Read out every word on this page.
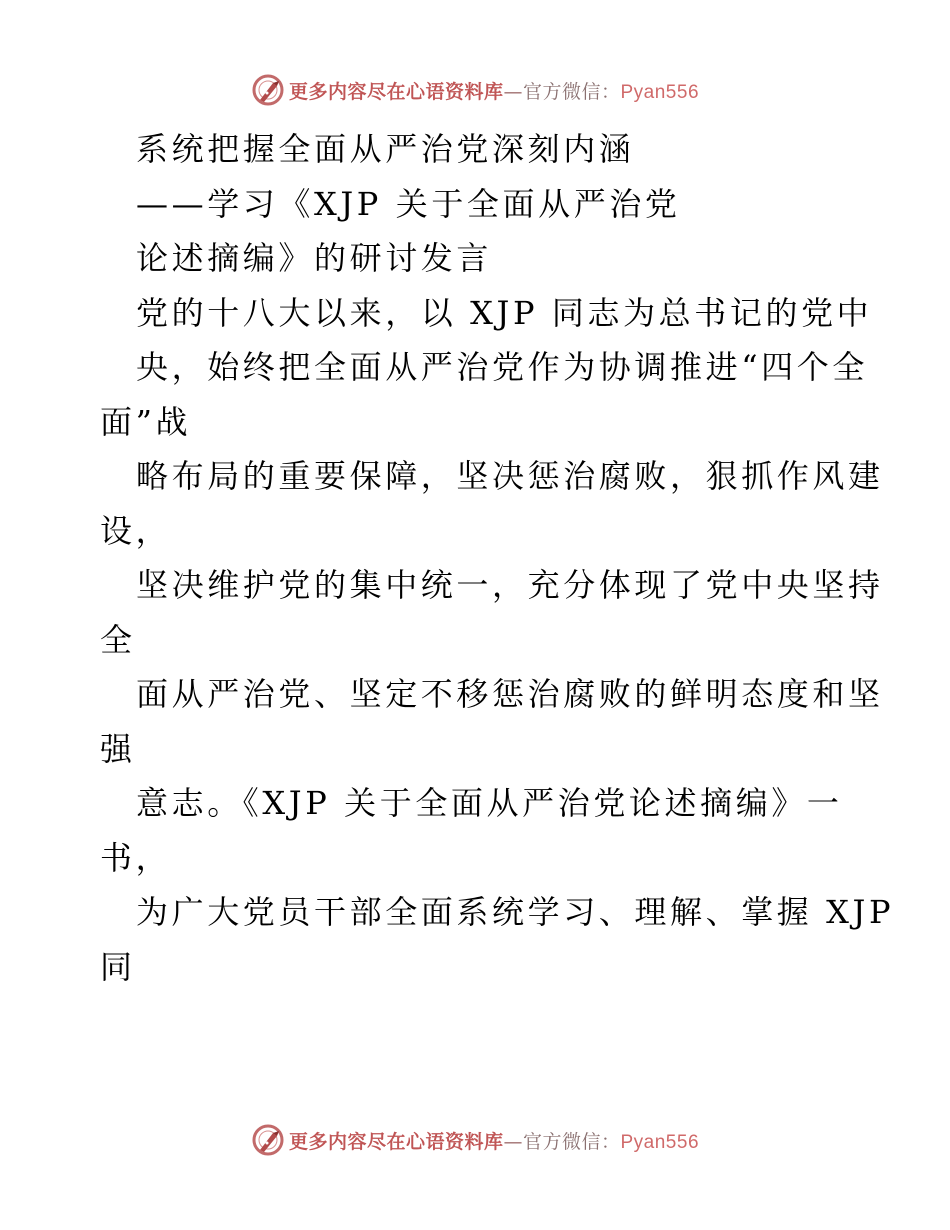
更多内容尽在心语资料库—官方微信：Pyan556
系统把握全面从严治党深刻内涵
——学习《XJP 关于全面从严治党
论述摘编》的研讨发言
党的十八大以来，以 XJP 同志为总书记的党中
央，始终把全面从严治党作为协调推进“四个全
面”战
略布局的重要保障，坚决惩治腐败，狠抓作风建
设，
坚决维护党的集中统一，充分体现了党中央坚持
全
面从严治党、坚定不移惩治腐败的鲜明态度和坚
强
意志。《XJP 关于全面从严治党论述摘编》一
书，
为广大党员干部全面系统学习、理解、掌握 XJP
同
更多内容尽在心语资料库—官方微信：Pyan556
